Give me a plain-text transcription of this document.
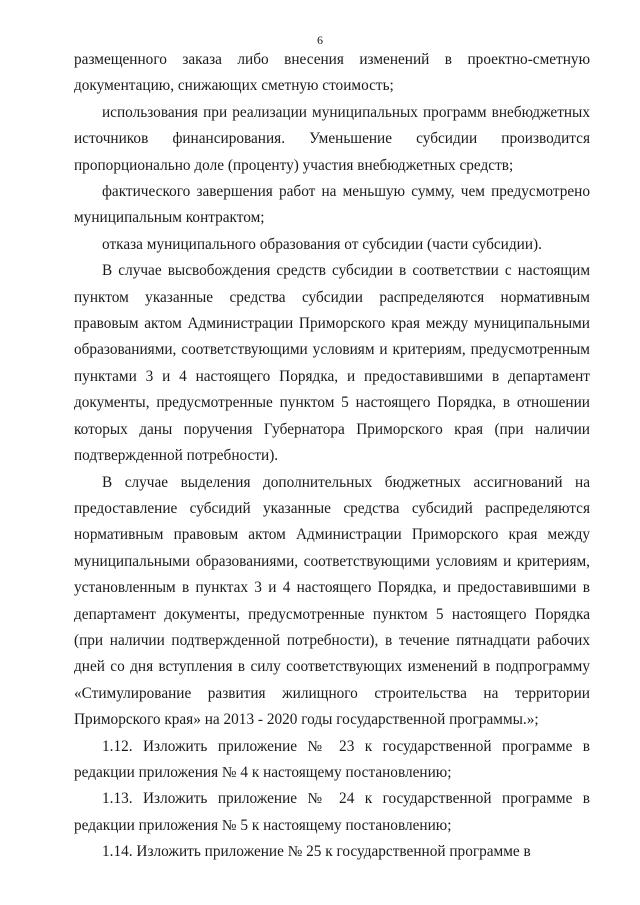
6

размещенного заказа либо внесения изменений в проектно-сметную документацию, снижающих сметную стоимость;

использования при реализации муниципальных программ внебюджетных источников финансирования. Уменьшение субсидии производится пропорционально доле (проценту) участия внебюджетных средств;

фактического завершения работ на меньшую сумму, чем предусмотрено муниципальным контрактом;

отказа муниципального образования от субсидии (части субсидии).

В случае высвобождения средств субсидии в соответствии с настоящим пунктом указанные средства субсидии распределяются нормативным правовым актом Администрации Приморского края между муниципальными образованиями, соответствующими условиям и критериям, предусмотренным пунктами 3 и 4 настоящего Порядка, и предоставившими в департамент документы, предусмотренные пунктом 5 настоящего Порядка, в отношении которых даны поручения Губернатора Приморского края (при наличии подтвержденной потребности).

В случае выделения дополнительных бюджетных ассигнований на предоставление субсидий указанные средства субсидий распределяются нормативным правовым актом Администрации Приморского края между муниципальными образованиями, соответствующими условиям и критериям, установленным в пунктах 3 и 4 настоящего Порядка, и предоставившими в департамент документы, предусмотренные пунктом 5 настоящего Порядка (при наличии подтвержденной потребности), в течение пятнадцати рабочих дней со дня вступления в силу соответствующих изменений в подпрограмму «Стимулирование развития жилищного строительства на территории Приморского края» на 2013 - 2020 годы государственной программы.»;

1.12. Изложить приложение № 23 к государственной программе в редакции приложения № 4 к настоящему постановлению;

1.13. Изложить приложение № 24 к государственной программе в редакции приложения № 5 к настоящему постановлению;

1.14. Изложить приложение № 25 к государственной программе в
